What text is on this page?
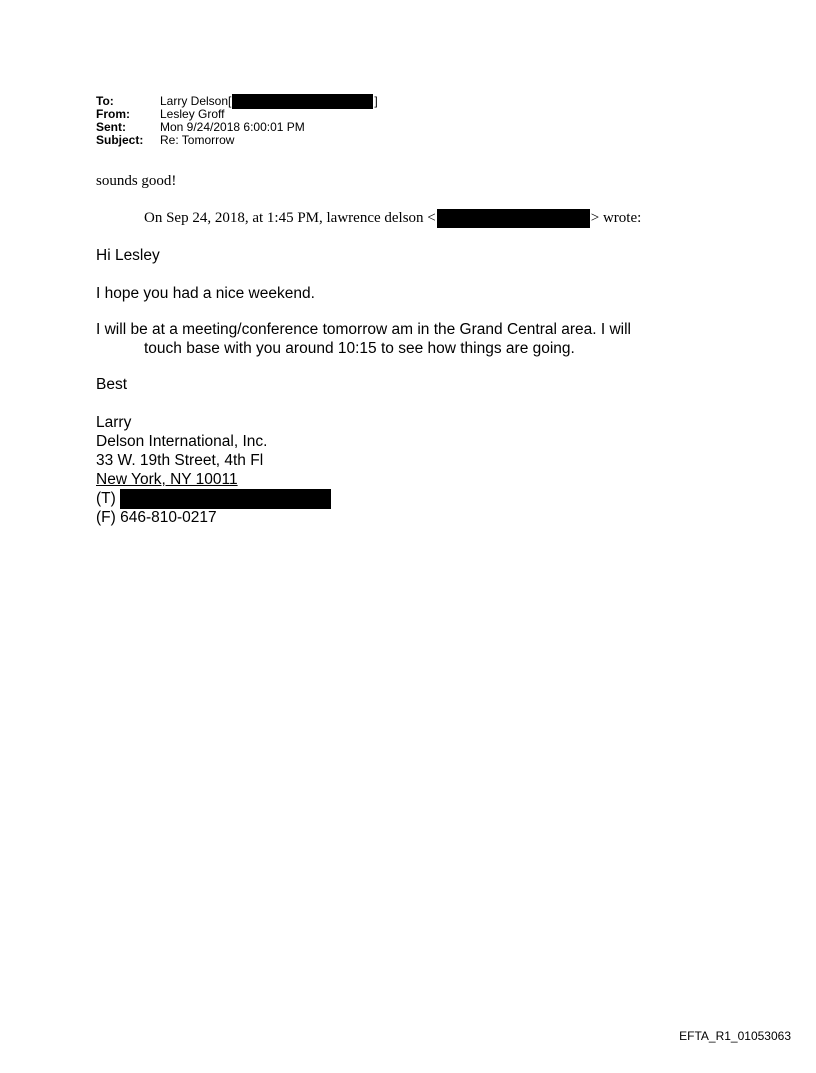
To:	Larry Delson[	]
From:	Lesley Groff
Sent:	Mon 9/24/2018 6:00:01 PM
Subject:	Re: Tomorrow
sounds good!
On Sep 24, 2018, at 1:45 PM, lawrence delson <	> wrote:
Hi Lesley
I hope you had a nice weekend.
I will be at a meeting/conference tomorrow am in the Grand Central area. I will
touch base with you around 10:15 to see how things are going.
Best
Larry
Delson International, Inc.
33 W. 19th Street, 4th Fl
New York, NY 10011
(T)
(F) 646-810-0217
EFTA_R1_01053063
